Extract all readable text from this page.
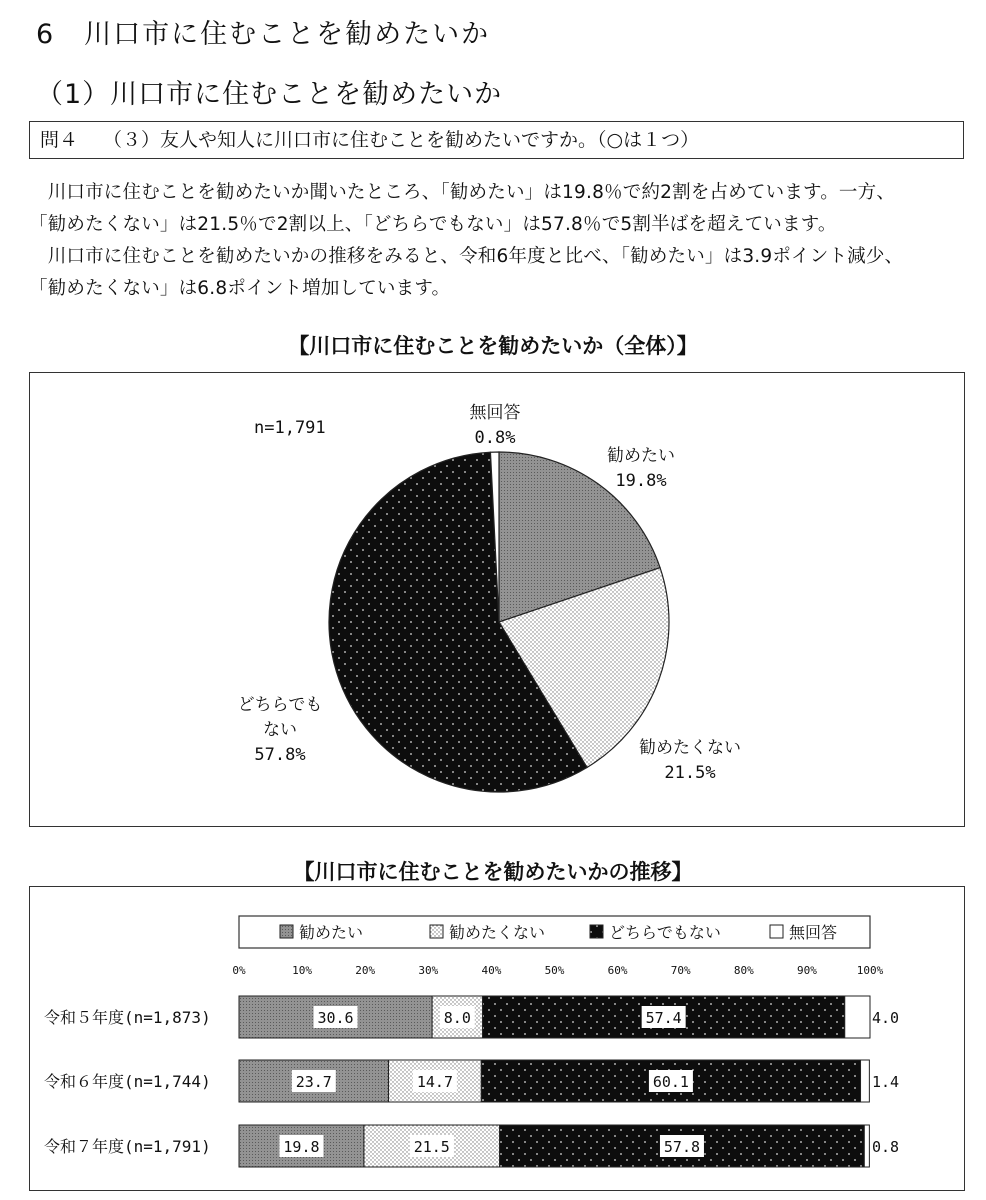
6　川口市に住むことを勧めたいか
（1）川口市に住むことを勧めたいか
問４　 （３）友人や知人に川口市に住むことを勧めたいですか。（○は１つ）
　川口市に住むことを勧めたいか聞いたところ、「勧めたい」は19.8％で約2割を占めています。一方、
「勧めたくない」は21.5％で2割以上、「どちらでもない」は57.8％で5割半ばを超えています。
　川口市に住むことを勧めたいかの推移をみると、令和6年度と比べ、「勧めたい」は3.9ポイント減少、
「勧めたくない」は6.8ポイント増加しています。
【川口市に住むことを勧めたいか（全体）】
n=1,791
勧めたい
19.8%
勧めたくない
21.5%
どちらでも
ない
57.8%
無回答
0.8%
【川口市に住むことを勧めたいかの推移】
勧めたい	勧めたくない	どちらでもない	無回答
0%	10%	20%	30%	40%	50%	60%	70%	80%	90%	100%
令和５年度(n=1,873)	30.6	8.0	57.4	4.0
令和６年度(n=1,744)	23.7	14.7	60.1	1.4
令和７年度(n=1,791)	19.8	21.5	57.8	0.8
